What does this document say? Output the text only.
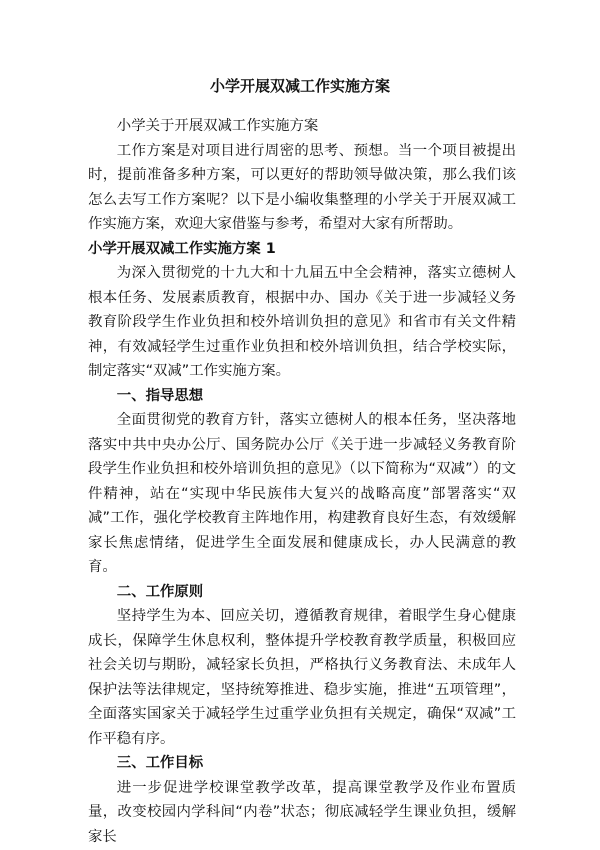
小学开展双减工作实施方案

小学关于开展双减工作实施方案

工作方案是对项目进行周密的思考、预想。当一个项目被提出时，提前准备多种方案，可以更好的帮助领导做决策，那么我们该怎么去写工作方案呢？以下是小编收集整理的小学关于开展双减工作实施方案，欢迎大家借鉴与参考，希望对大家有所帮助。

小学开展双减工作实施方案 1

为深入贯彻党的十九大和十九届五中全会精神，落实立德树人根本任务、发展素质教育，根据中办、国办《关于进一步减轻义务教育阶段学生作业负担和校外培训负担的意见》和省市有关文件精神，有效减轻学生过重作业负担和校外培训负担，结合学校实际，制定落实“双减”工作实施方案。

一、指导思想

全面贯彻党的教育方针，落实立德树人的根本任务，坚决落地落实中共中央办公厅、国务院办公厅《关于进一步减轻义务教育阶段学生作业负担和校外培训负担的意见》（以下简称为“双减”）的文件精神，站在“实现中华民族伟大复兴的战略高度”部署落实“双减”工作，强化学校教育主阵地作用，构建教育良好生态，有效缓解家长焦虑情绪，促进学生全面发展和健康成长，办人民满意的教育。

二、工作原则

坚持学生为本、回应关切，遵循教育规律，着眼学生身心健康成长，保障学生休息权利，整体提升学校教育教学质量，积极回应社会关切与期盼，减轻家长负担，严格执行义务教育法、未成年人保护法等法律规定，坚持统筹推进、稳步实施，推进“五项管理”，全面落实国家关于减轻学生过重学业负担有关规定，确保“双减”工作平稳有序。

三、工作目标

进一步促进学校课堂教学改革，提高课堂教学及作业布置质量，改变校园内学科间“内卷”状态；彻底减轻学生课业负担，缓解家长
